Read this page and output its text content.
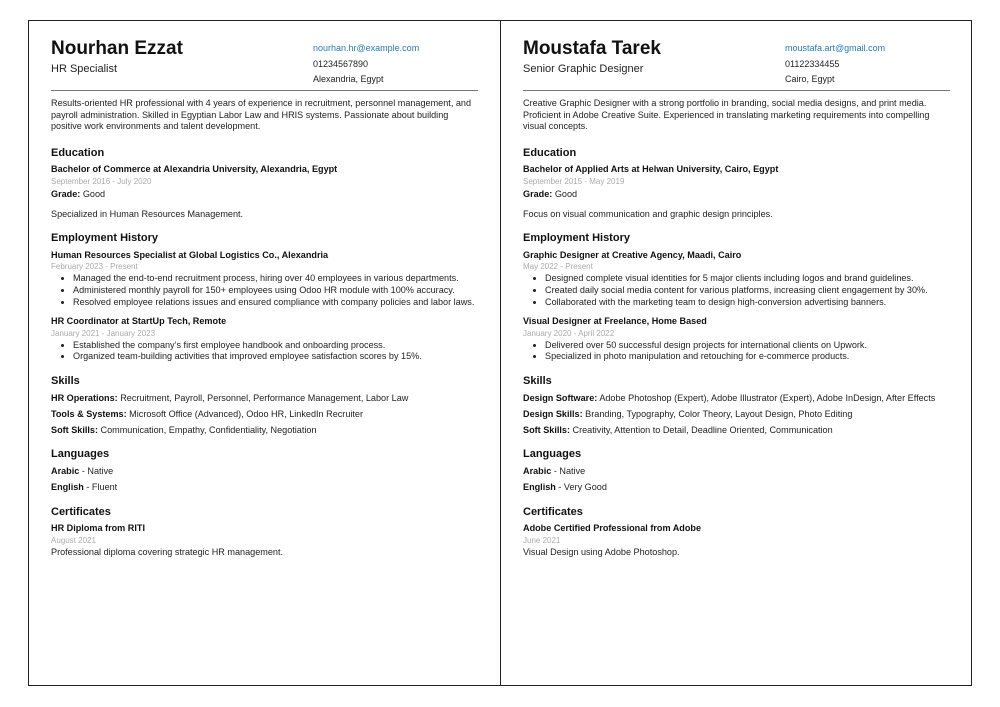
Nourhan Ezzat
HR Specialist
nourhan.hr@example.com
01234567890
Alexandria, Egypt
Results-oriented HR professional with 4 years of experience in recruitment, personnel management, and payroll administration. Skilled in Egyptian Labor Law and HRIS systems. Passionate about building positive work environments and talent development.
Education
Bachelor of Commerce at Alexandria University, Alexandria, Egypt
September 2016 - July 2020
Grade: Good
Specialized in Human Resources Management.
Employment History
Human Resources Specialist at Global Logistics Co., Alexandria
February 2023 - Present
• Managed the end-to-end recruitment process, hiring over 40 employees in various departments.
• Administered monthly payroll for 150+ employees using Odoo HR module with 100% accuracy.
• Resolved employee relations issues and ensured compliance with company policies and labor laws.
HR Coordinator at StartUp Tech, Remote
January 2021 - January 2023
• Established the company’s first employee handbook and onboarding process.
• Organized team-building activities that improved employee satisfaction scores by 15%.
Skills
HR Operations: Recruitment, Payroll, Personnel, Performance Management, Labor Law
Tools & Systems: Microsoft Office (Advanced), Odoo HR, LinkedIn Recruiter
Soft Skills: Communication, Empathy, Confidentiality, Negotiation
Languages
Arabic - Native
English - Fluent
Certificates
HR Diploma from RITI
August 2021
Professional diploma covering strategic HR management.
Moustafa Tarek
Senior Graphic Designer
moustafa.art@gmail.com
01122334455
Cairo, Egypt
Creative Graphic Designer with a strong portfolio in branding, social media designs, and print media. Proficient in Adobe Creative Suite. Experienced in translating marketing requirements into compelling visual concepts.
Education
Bachelor of Applied Arts at Helwan University, Cairo, Egypt
September 2015 - May 2019
Grade: Good
Focus on visual communication and graphic design principles.
Employment History
Graphic Designer at Creative Agency, Maadi, Cairo
May 2022 - Present
• Designed complete visual identities for 5 major clients including logos and brand guidelines.
• Created daily social media content for various platforms, increasing client engagement by 30%.
• Collaborated with the marketing team to design high-conversion advertising banners.
Visual Designer at Freelance, Home Based
January 2020 - April 2022
• Delivered over 50 successful design projects for international clients on Upwork.
• Specialized in photo manipulation and retouching for e-commerce products.
Skills
Design Software: Adobe Photoshop (Expert), Adobe Illustrator (Expert), Adobe InDesign, After Effects
Design Skills: Branding, Typography, Color Theory, Layout Design, Photo Editing
Soft Skills: Creativity, Attention to Detail, Deadline Oriented, Communication
Languages
Arabic - Native
English - Very Good
Certificates
Adobe Certified Professional from Adobe
June 2021
Visual Design using Adobe Photoshop.
